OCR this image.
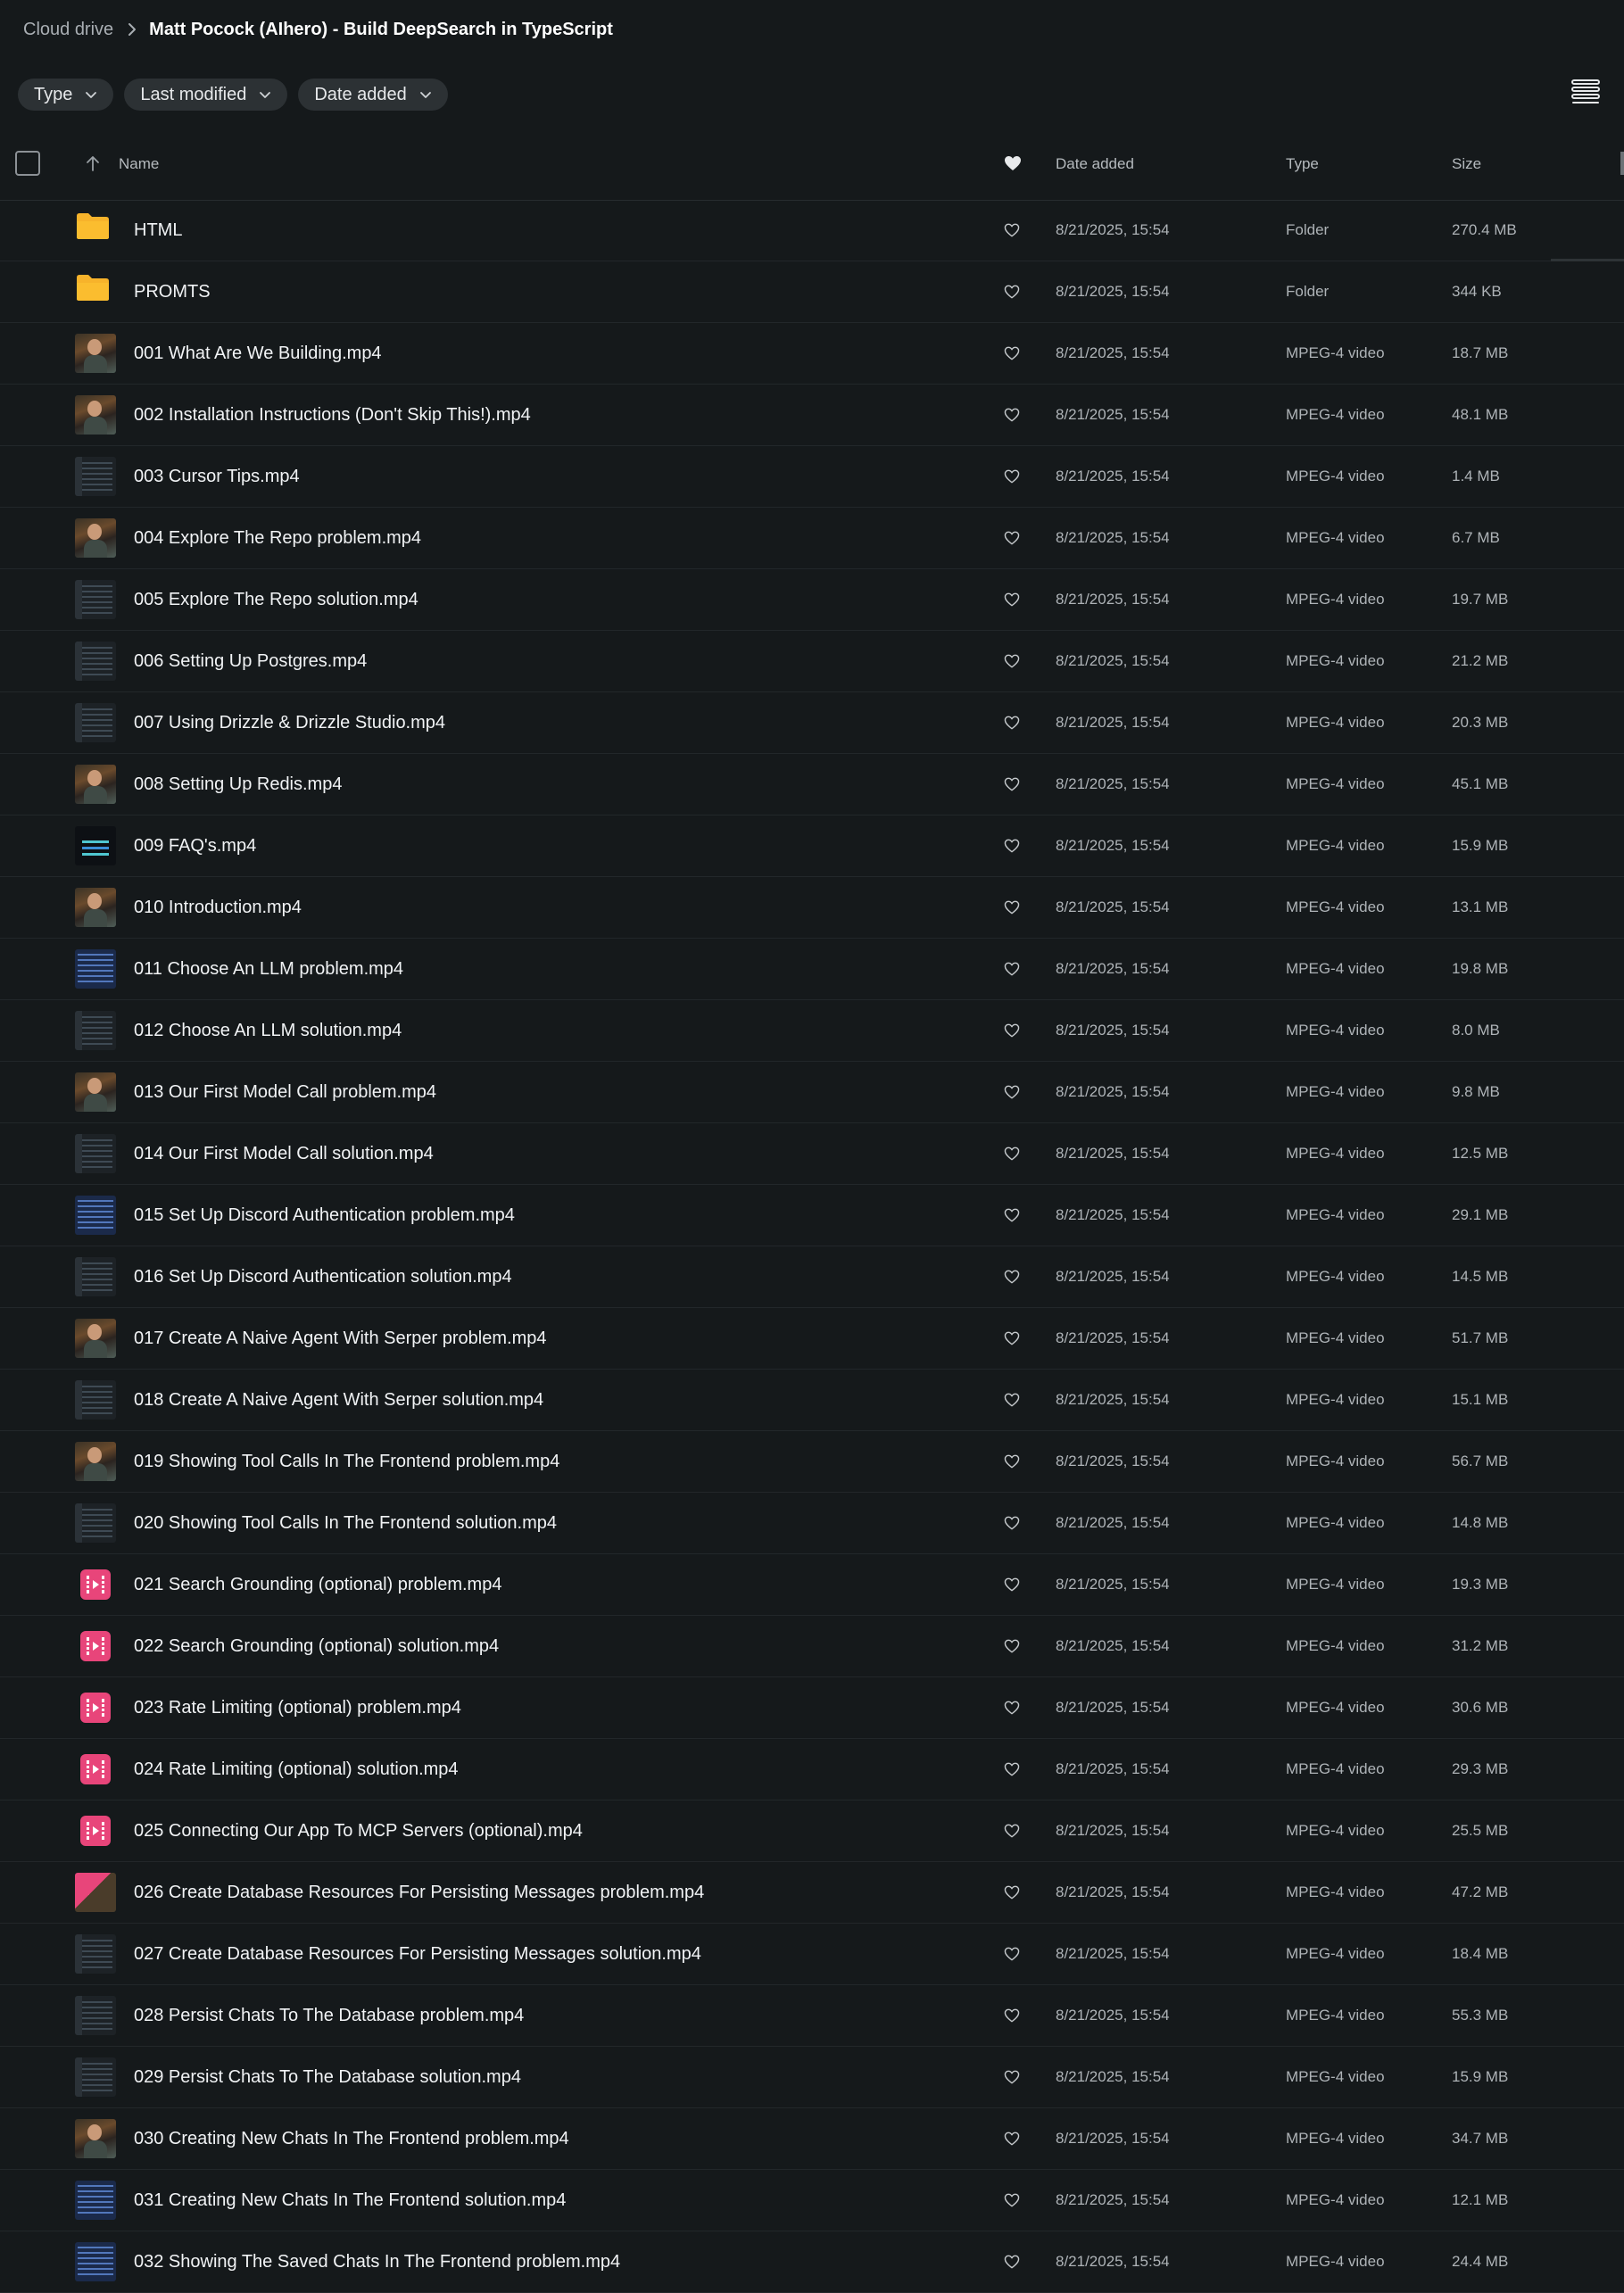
Cloud drive Matt Pocock (AIhero) - Build DeepSearch in TypeScript
Type	Last modified	Date added
Name	Date added	Type	Size
HTML	8/21/2025, 15:54	Folder	270.4 MB
PROMTS	8/21/2025, 15:54	Folder	344 KB
001 What Are We Building.mp4	8/21/2025, 15:54	MPEG-4 video	18.7 MB
002 Installation Instructions (Don't Skip This!).mp4	8/21/2025, 15:54	MPEG-4 video	48.1 MB
003 Cursor Tips.mp4	8/21/2025, 15:54	MPEG-4 video	1.4 MB
004 Explore The Repo problem.mp4	8/21/2025, 15:54	MPEG-4 video	6.7 MB
005 Explore The Repo solution.mp4	8/21/2025, 15:54	MPEG-4 video	19.7 MB
006 Setting Up Postgres.mp4	8/21/2025, 15:54	MPEG-4 video	21.2 MB
007 Using Drizzle & Drizzle Studio.mp4	8/21/2025, 15:54	MPEG-4 video	20.3 MB
008 Setting Up Redis.mp4	8/21/2025, 15:54	MPEG-4 video	45.1 MB
009 FAQ's.mp4	8/21/2025, 15:54	MPEG-4 video	15.9 MB
010 Introduction.mp4	8/21/2025, 15:54	MPEG-4 video	13.1 MB
011 Choose An LLM problem.mp4	8/21/2025, 15:54	MPEG-4 video	19.8 MB
012 Choose An LLM solution.mp4	8/21/2025, 15:54	MPEG-4 video	8.0 MB
013 Our First Model Call problem.mp4	8/21/2025, 15:54	MPEG-4 video	9.8 MB
014 Our First Model Call solution.mp4	8/21/2025, 15:54	MPEG-4 video	12.5 MB
015 Set Up Discord Authentication problem.mp4	8/21/2025, 15:54	MPEG-4 video	29.1 MB
016 Set Up Discord Authentication solution.mp4	8/21/2025, 15:54	MPEG-4 video	14.5 MB
017 Create A Naive Agent With Serper problem.mp4	8/21/2025, 15:54	MPEG-4 video	51.7 MB
018 Create A Naive Agent With Serper solution.mp4	8/21/2025, 15:54	MPEG-4 video	15.1 MB
019 Showing Tool Calls In The Frontend problem.mp4	8/21/2025, 15:54	MPEG-4 video	56.7 MB
020 Showing Tool Calls In The Frontend solution.mp4	8/21/2025, 15:54	MPEG-4 video	14.8 MB
021 Search Grounding (optional) problem.mp4	8/21/2025, 15:54	MPEG-4 video	19.3 MB
022 Search Grounding (optional) solution.mp4	8/21/2025, 15:54	MPEG-4 video	31.2 MB
023 Rate Limiting (optional) problem.mp4	8/21/2025, 15:54	MPEG-4 video	30.6 MB
024 Rate Limiting (optional) solution.mp4	8/21/2025, 15:54	MPEG-4 video	29.3 MB
025 Connecting Our App To MCP Servers (optional).mp4	8/21/2025, 15:54	MPEG-4 video	25.5 MB
026 Create Database Resources For Persisting Messages problem.mp4	8/21/2025, 15:54	MPEG-4 video	47.2 MB
027 Create Database Resources For Persisting Messages solution.mp4	8/21/2025, 15:54	MPEG-4 video	18.4 MB
028 Persist Chats To The Database problem.mp4	8/21/2025, 15:54	MPEG-4 video	55.3 MB
029 Persist Chats To The Database solution.mp4	8/21/2025, 15:54	MPEG-4 video	15.9 MB
030 Creating New Chats In The Frontend problem.mp4	8/21/2025, 15:54	MPEG-4 video	34.7 MB
031 Creating New Chats In The Frontend solution.mp4	8/21/2025, 15:54	MPEG-4 video	12.1 MB
032 Showing The Saved Chats In The Frontend problem.mp4	8/21/2025, 15:54	MPEG-4 video	24.4 MB
